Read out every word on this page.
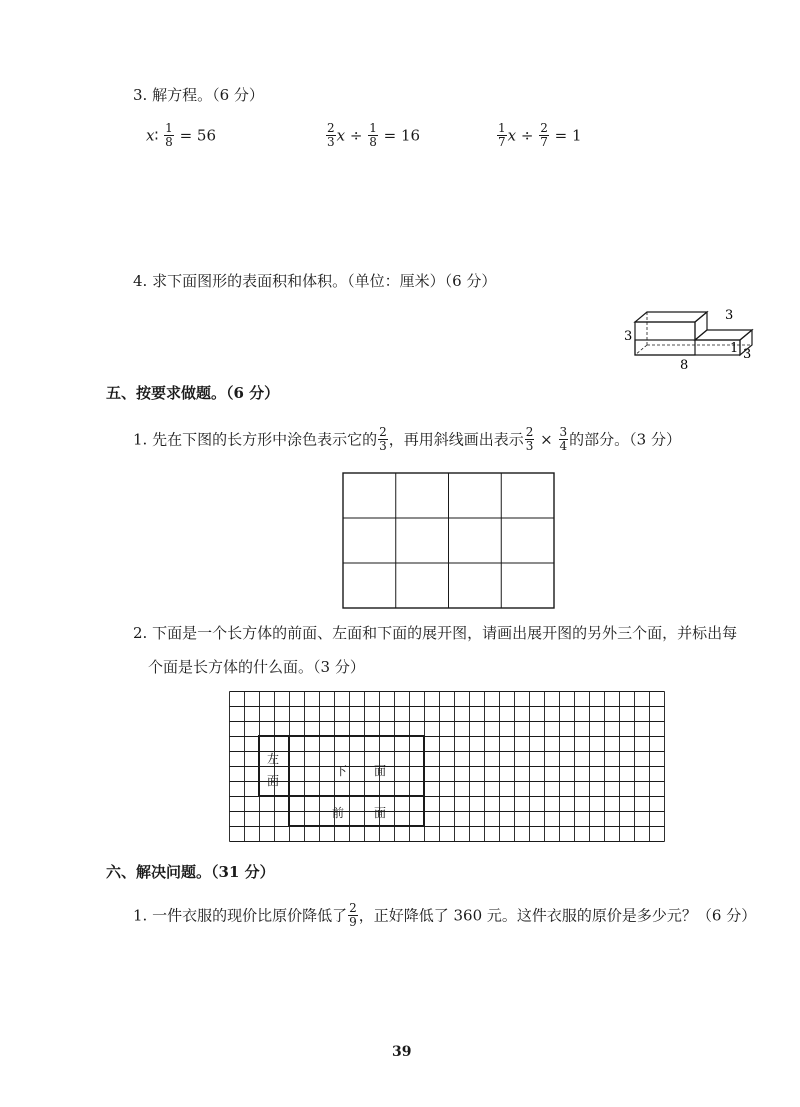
3. 解方程。（6 分）
x∶ $\frac{1}{8} = 56$	$\frac{2}{3}$ $x \div \frac{1}{8} = 16$	$\frac{1}{7}$ $x \div \frac{2}{7} = 1$
4. 求下面图形的表面积和体积。（单位：厘米）（6 分）
3
3
8
1 3
五、按要求做题。（6 分）
1. 先在下图的长方形中涂色表示它的 $\frac{2}{3}$ ，再用斜线画出表示 $\frac{2}{3} \times \frac{3}{4}$ 的部分。（3 分）
2. 下面是一个长方体的前面、左面和下面的展开图，请画出展开图的另外三个面，并标出每
个面是长方体的什么面。（3 分）
左
面
下 面
前 面
六、解决问题。（31 分）
1. 一件衣服的现价比原价降低了 $\frac{2}{9}$ ，正好降低了 360 元。这件衣服的原价是多少元？（6 分）
39
